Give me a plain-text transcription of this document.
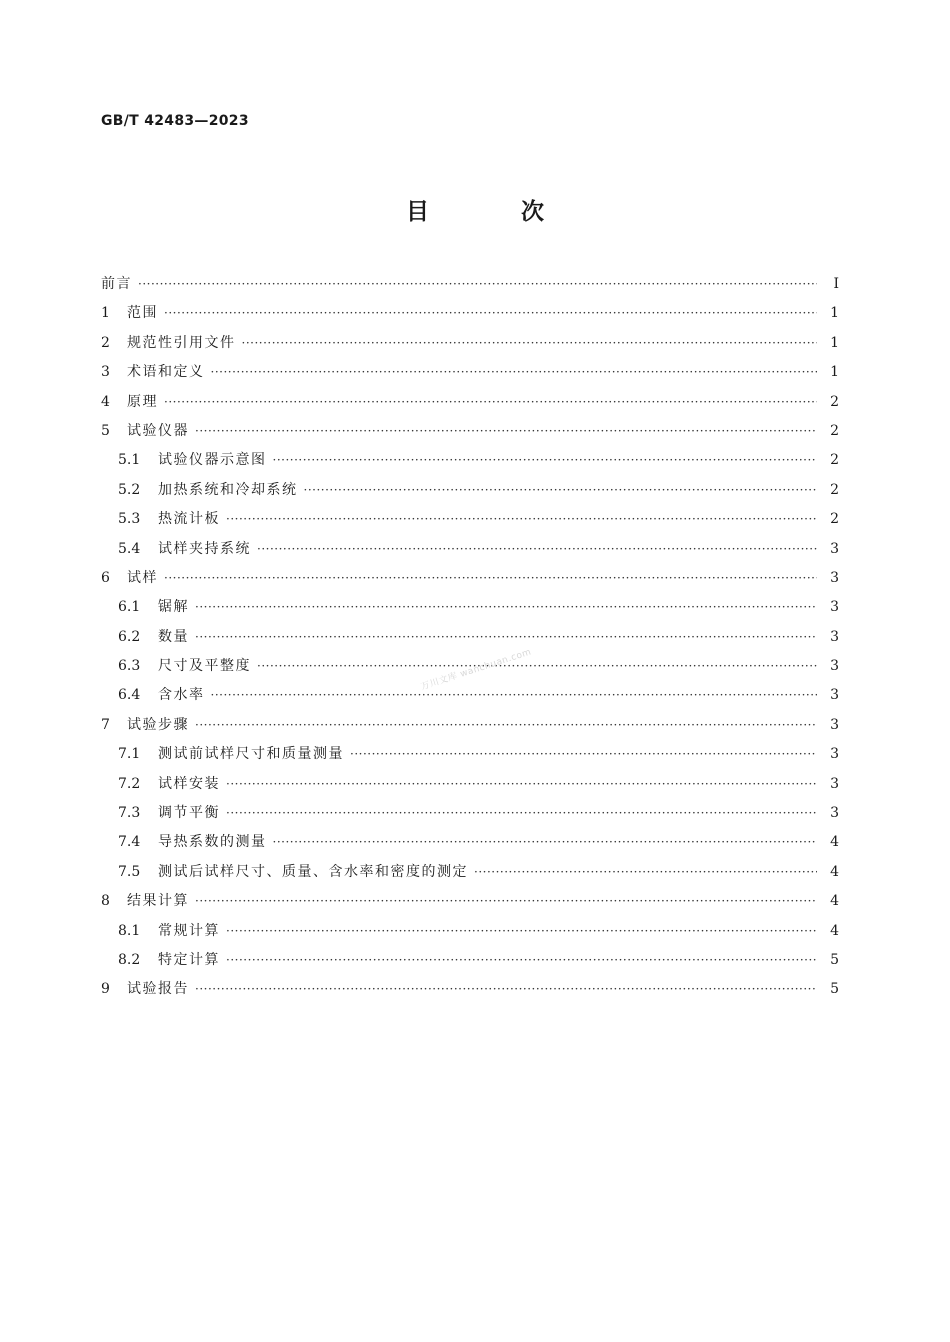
GB/T 42483—2023
目 次
前言 ·····	Ⅰ
1	范围 ·····	1
2	规范性引用文件 ·····	1
3	术语和定义 ·····	1
4	原理 ·····	2
5	试验仪器 ·····	2
5.1	试验仪器示意图 ·····	2
5.2	加热系统和冷却系统 ·····	2
5.3	热流计板 ·····	2
5.4	试样夹持系统 ·····	3
6	试样 ·····	3
6.1	锯解 ·····	3
6.2	数量 ·····	3
6.3	尺寸及平整度 ·····	3
6.4	含水率 ·····	3
7	试验步骤 ·····	3
7.1	测试前试样尺寸和质量测量 ·····	3
7.2	试样安装 ·····	3
7.3	调节平衡 ·····	3
7.4	导热系数的测量 ·····	4
7.5	测试后试样尺寸、质量、含水率和密度的测定 ·····	4
8	结果计算 ·····	4
8.1	常规计算 ·····	4
8.2	特定计算 ·····	5
9	试验报告 ·····	5
万川文库 wanchuan.com
